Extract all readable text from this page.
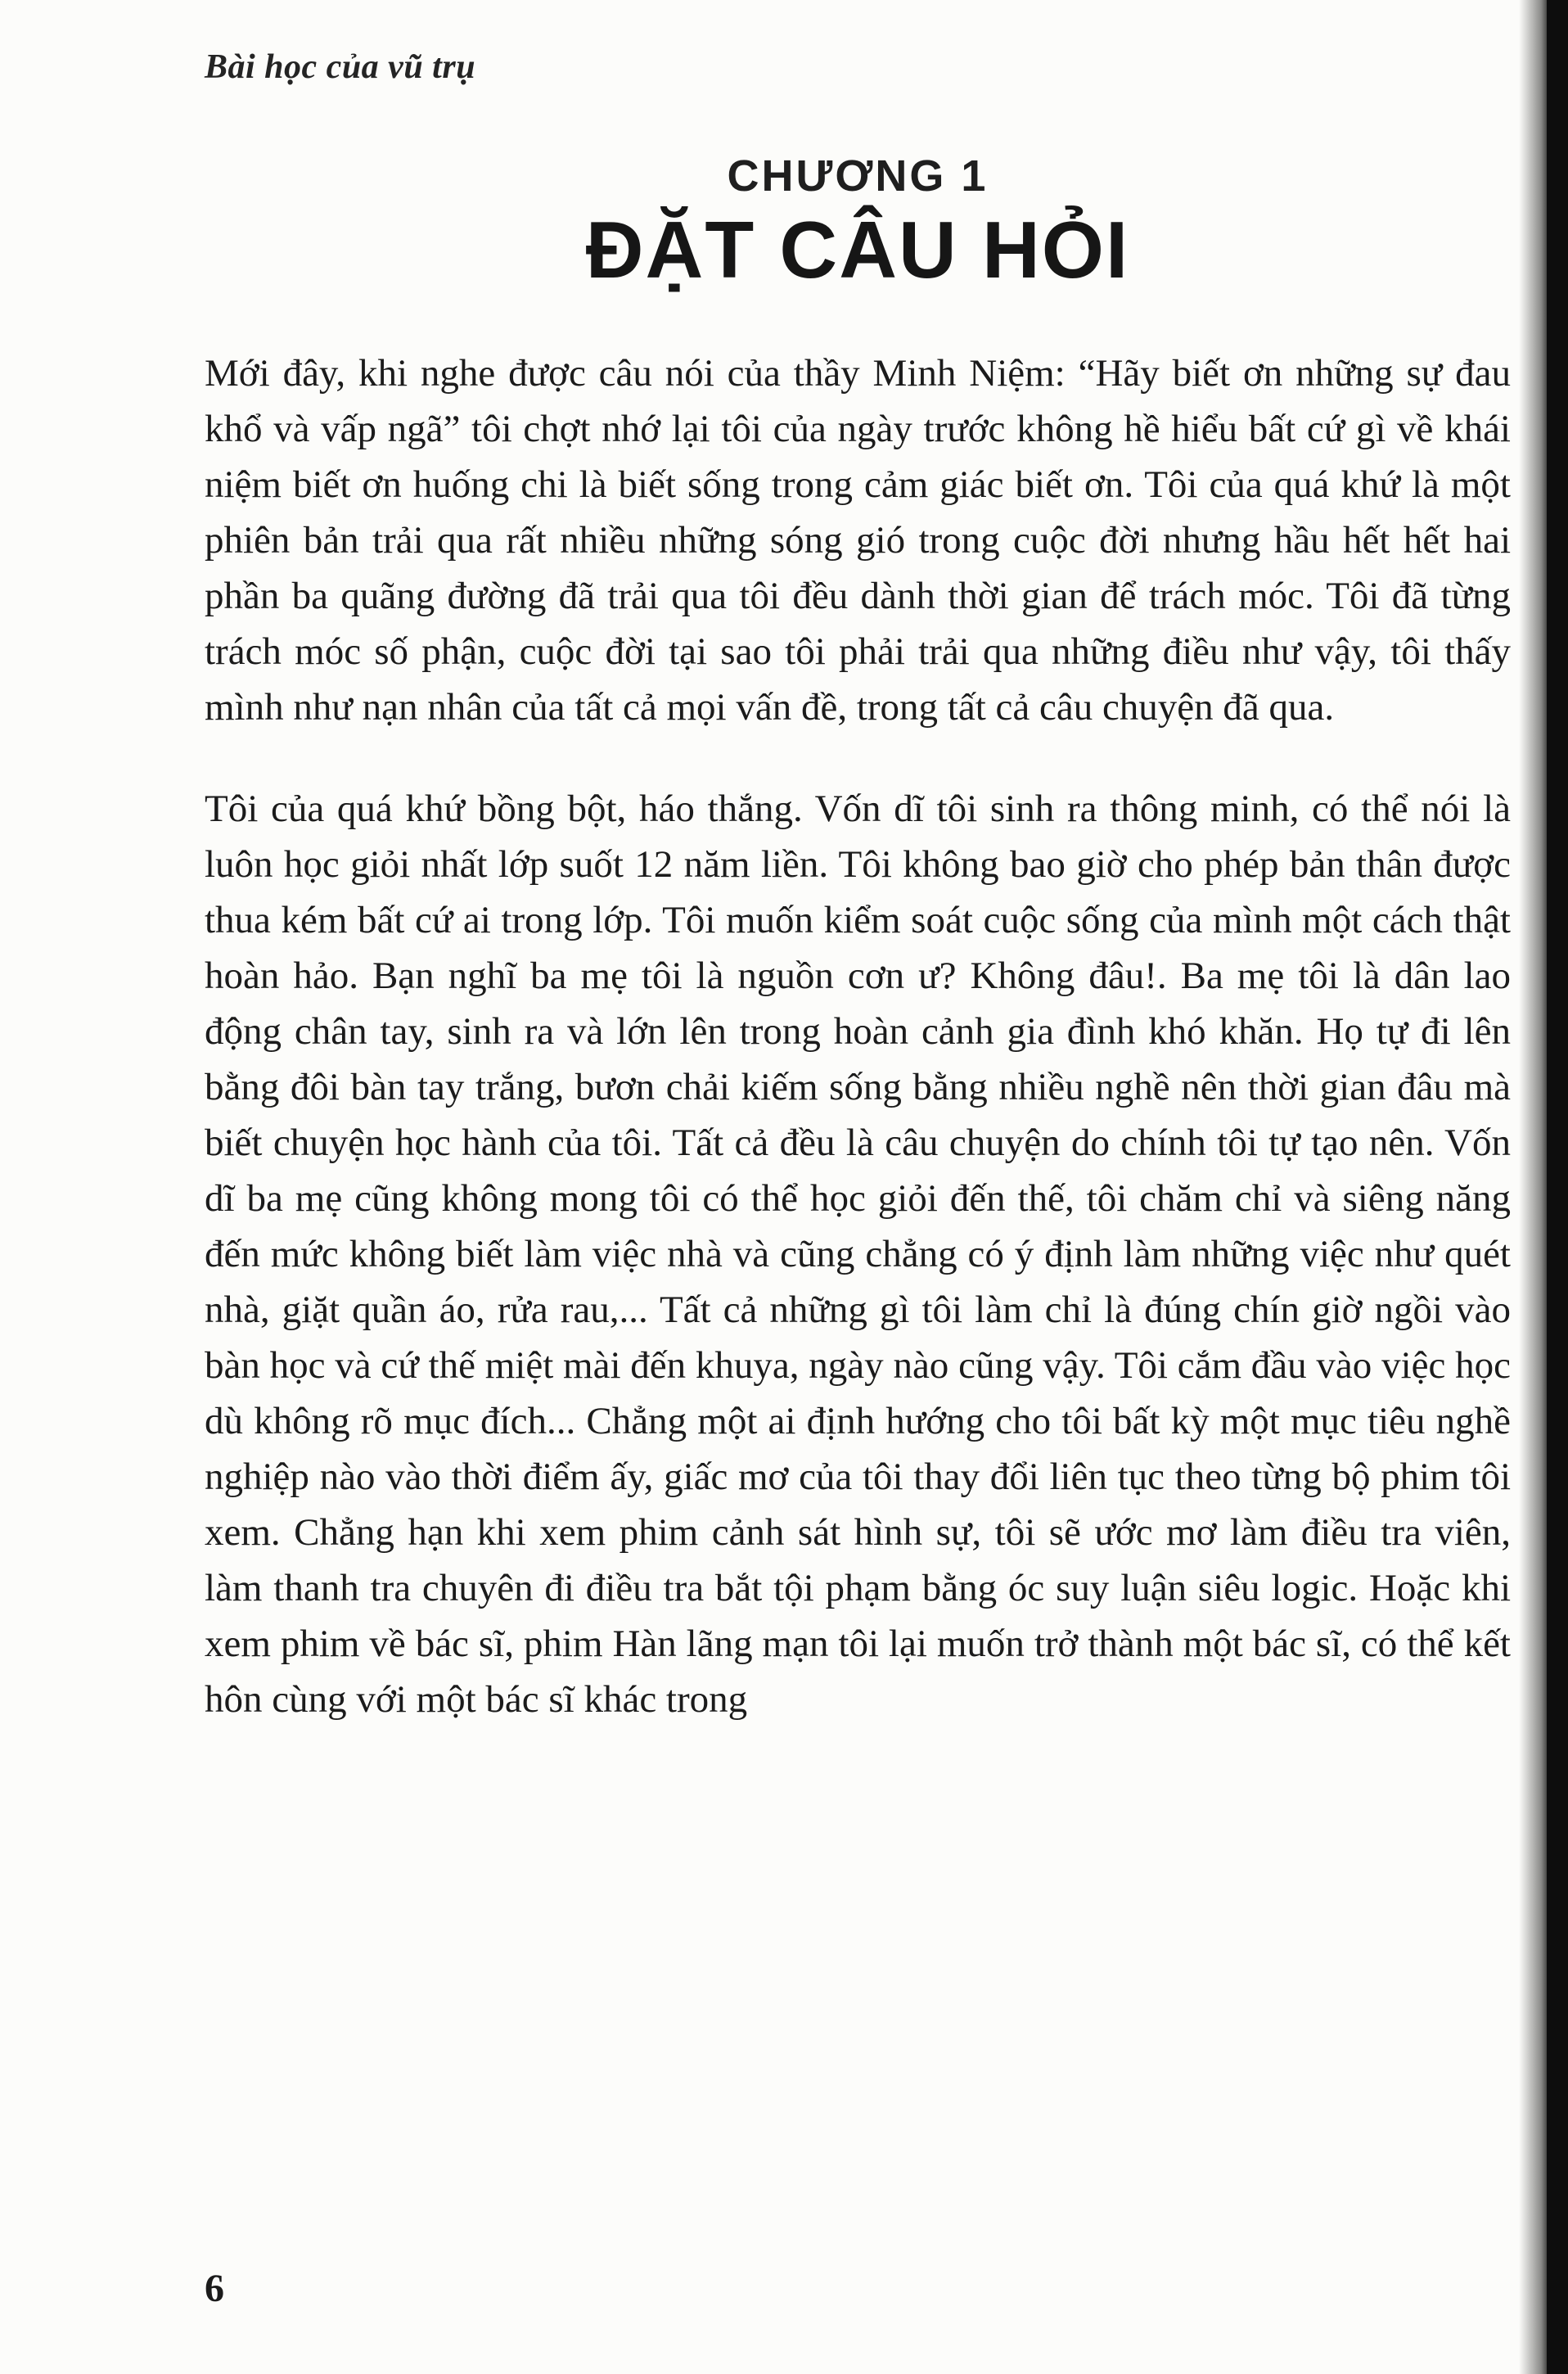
Bài học của vũ trụ
CHƯƠNG 1
ĐẶT CÂU HỎI

Mới đây, khi nghe được câu nói của thầy Minh Niệm: “Hãy biết ơn những sự đau khổ và vấp ngã” tôi chợt nhớ lại tôi của ngày trước không hề hiểu bất cứ gì về khái niệm biết ơn huống chi là biết sống trong cảm giác biết ơn. Tôi của quá khứ là một phiên bản trải qua rất nhiều những sóng gió trong cuộc đời nhưng hầu hết hết hai phần ba quãng đường đã trải qua tôi đều dành thời gian để trách móc. Tôi đã từng trách móc số phận, cuộc đời tại sao tôi phải trải qua những điều như vậy, tôi thấy mình như nạn nhân của tất cả mọi vấn đề, trong tất cả câu chuyện đã qua.

Tôi của quá khứ bồng bột, háo thắng. Vốn dĩ tôi sinh ra thông minh, có thể nói là luôn học giỏi nhất lớp suốt 12 năm liền. Tôi không bao giờ cho phép bản thân được thua kém bất cứ ai trong lớp. Tôi muốn kiểm soát cuộc sống của mình một cách thật hoàn hảo. Bạn nghĩ ba mẹ tôi là nguồn cơn ư? Không đâu!. Ba mẹ tôi là dân lao động chân tay, sinh ra và lớn lên trong hoàn cảnh gia đình khó khăn. Họ tự đi lên bằng đôi bàn tay trắng, bươn chải kiếm sống bằng nhiều nghề nên thời gian đâu mà biết chuyện học hành của tôi. Tất cả đều là câu chuyện do chính tôi tự tạo nên. Vốn dĩ ba mẹ cũng không mong tôi có thể học giỏi đến thế, tôi chăm chỉ và siêng năng đến mức không biết làm việc nhà và cũng chẳng có ý định làm những việc như quét nhà, giặt quần áo, rửa rau,... Tất cả những gì tôi làm chỉ là đúng chín giờ ngồi vào bàn học và cứ thế miệt mài đến khuya, ngày nào cũng vậy. Tôi cắm đầu vào việc học dù không rõ mục đích... Chẳng một ai định hướng cho tôi bất kỳ một mục tiêu nghề nghiệp nào vào thời điểm ấy, giấc mơ của tôi thay đổi liên tục theo từng bộ phim tôi xem. Chẳng hạn khi xem phim cảnh sát hình sự, tôi sẽ ước mơ làm điều tra viên, làm thanh tra chuyên đi điều tra bắt tội phạm bằng óc suy luận siêu logic. Hoặc khi xem phim về bác sĩ, phim Hàn lãng mạn tôi lại muốn trở thành một bác sĩ, có thể kết hôn cùng với một bác sĩ khác trong

6
